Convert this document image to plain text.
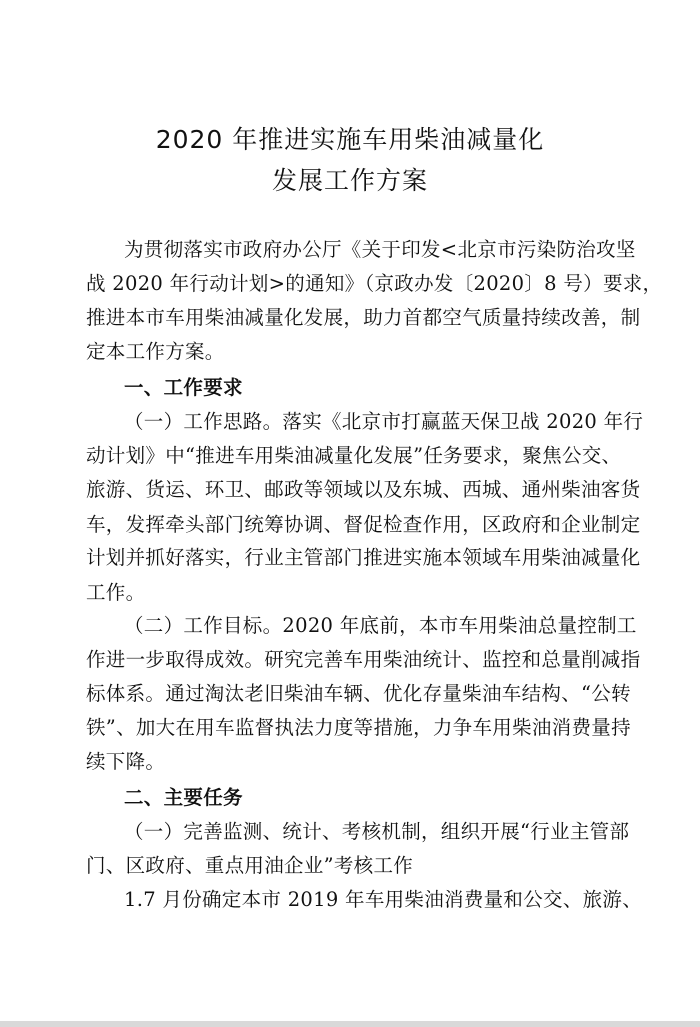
2020 年推进实施车用柴油减量化
发展工作方案
为贯彻落实市政府办公厅《关于印发<北京市污染防治攻坚
战 2020 年行动计划>的通知》（京政办发〔2020〕8 号）要求，
推进本市车用柴油减量化发展，助力首都空气质量持续改善，制
定本工作方案。
一、工作要求
（一）工作思路。落实《北京市打赢蓝天保卫战 2020 年行
动计划》中“推进车用柴油减量化发展”任务要求，聚焦公交、
旅游、货运、环卫、邮政等领域以及东城、西城、通州柴油客货
车，发挥牵头部门统筹协调、督促检查作用，区政府和企业制定
计划并抓好落实，行业主管部门推进实施本领域车用柴油减量化
工作。
（二）工作目标。2020 年底前，本市车用柴油总量控制工
作进一步取得成效。研究完善车用柴油统计、监控和总量削减指
标体系。通过淘汰老旧柴油车辆、优化存量柴油车结构、“公转
铁”、加大在用车监督执法力度等措施，力争车用柴油消费量持
续下降。
二、主要任务
（一）完善监测、统计、考核机制，组织开展“行业主管部
门、区政府、重点用油企业”考核工作
1.7 月份确定本市 2019 年车用柴油消费量和公交、旅游、
